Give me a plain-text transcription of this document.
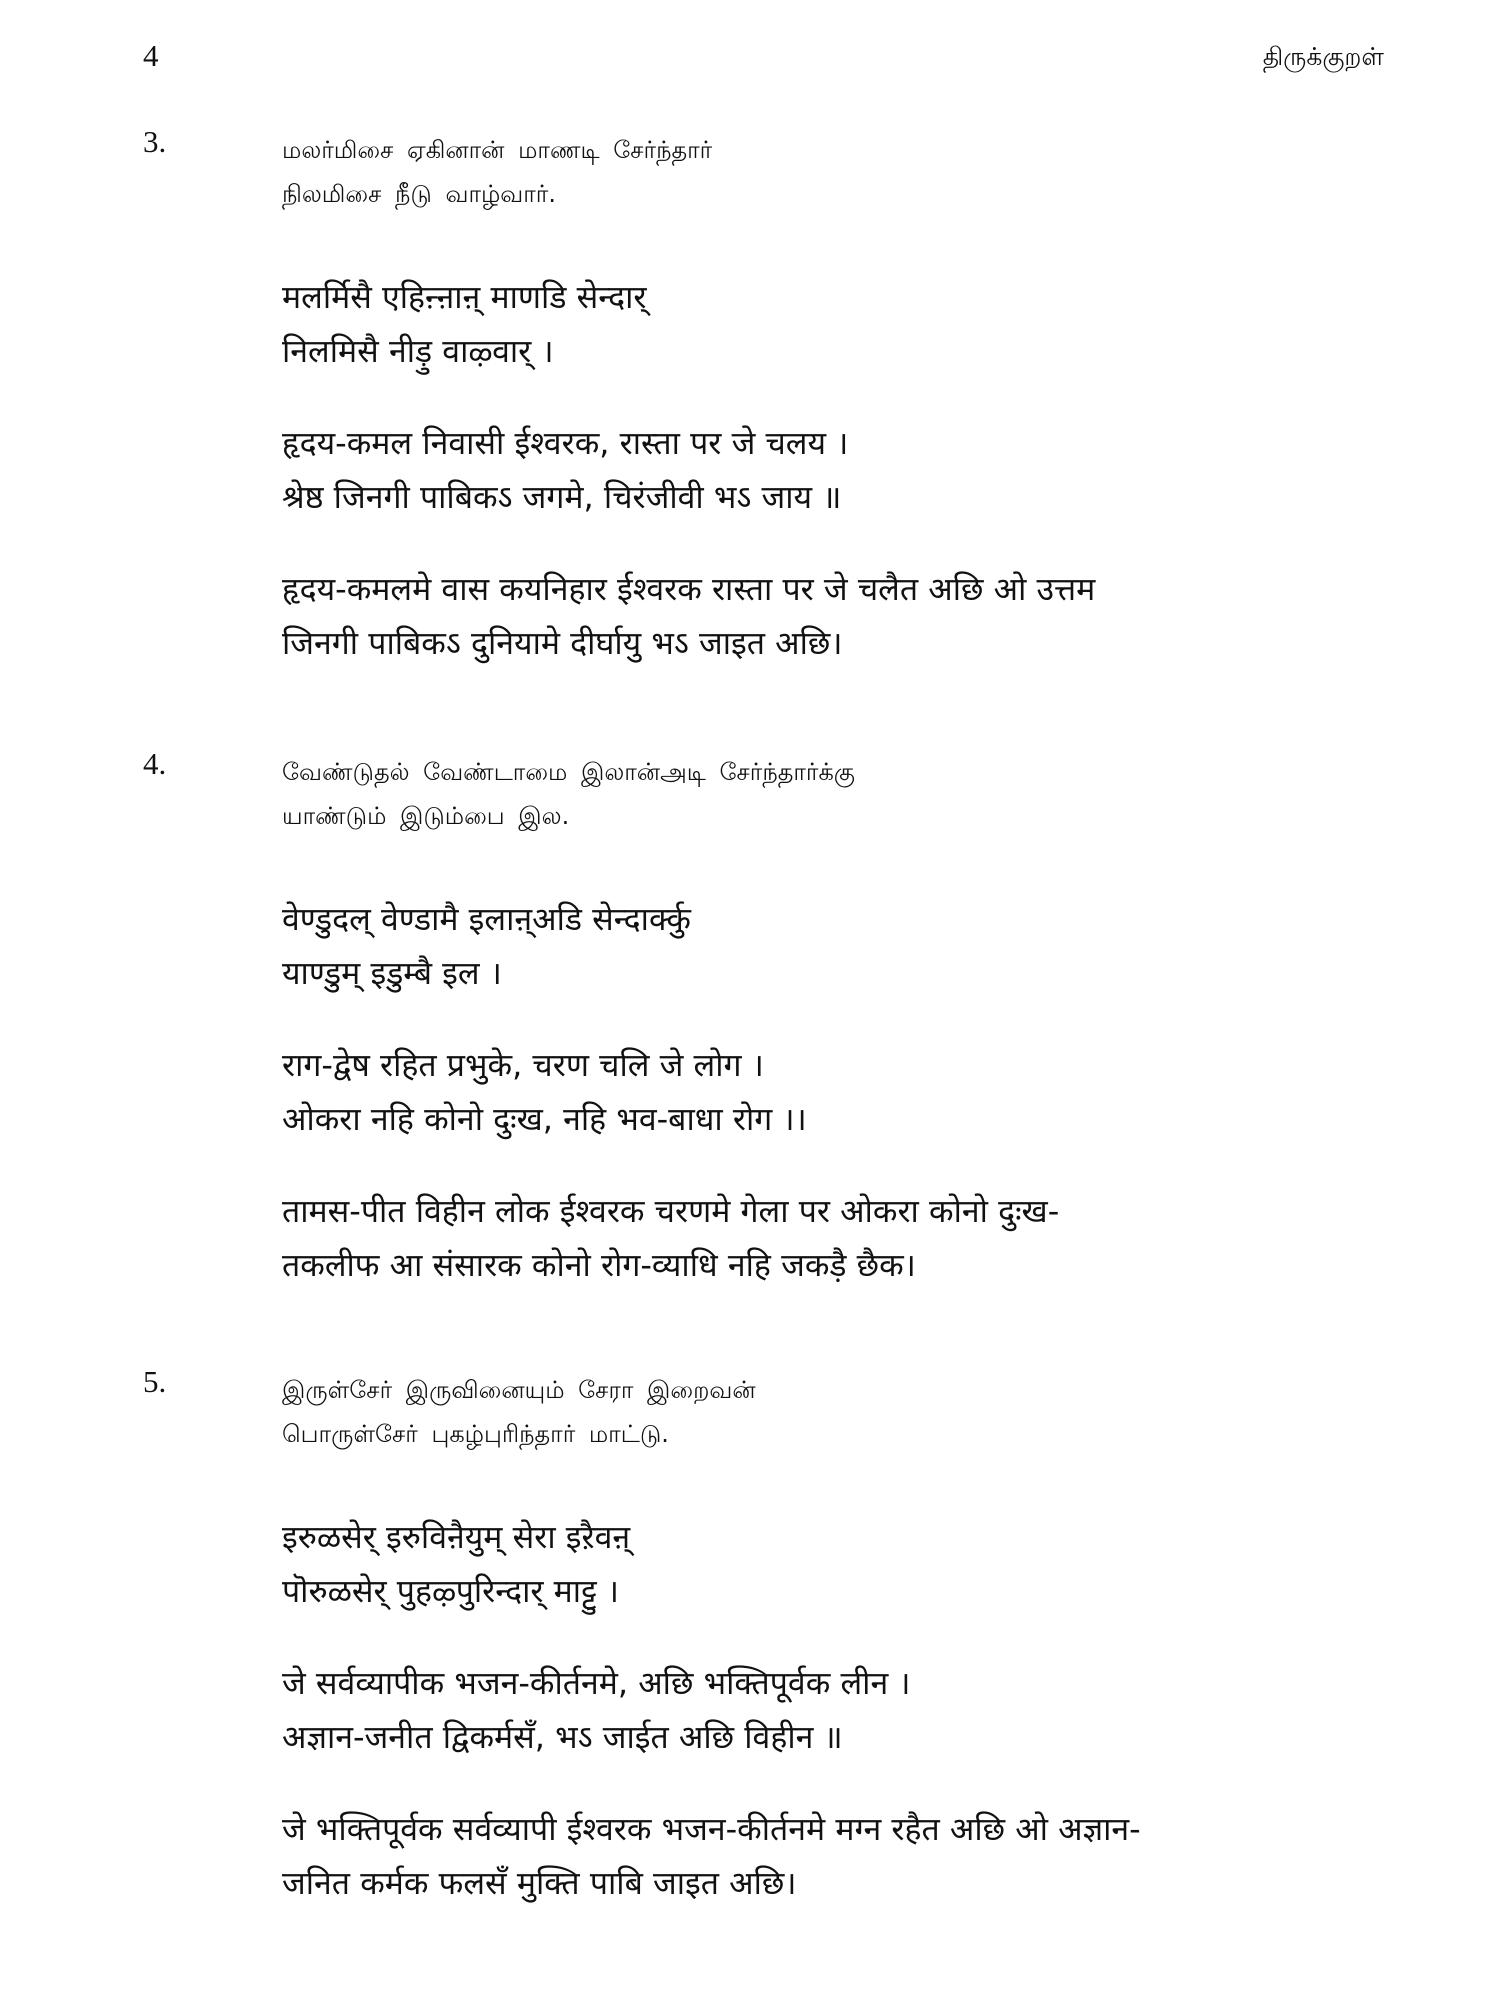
4	திருக்குறள்
3.	மலர்மிசை ஏகினான் மாணடி சேர்ந்தார்
நிலமிசை நீடு வாழ்வார்.
मलर्मिसै एहिऩ्ऩाऩ् माणडि सेन्दार्
निलमिसै नीड़ु वाऴ्वार् ।
हृदय-कमल निवासी ईश्वरक, रास्ता पर जे चलय ।
श्रेष्ठ जिनगी पाबिकऽ जगमे, चिरंजीवी भऽ जाय ॥
हृदय-कमलमे वास कयनिहार ईश्वरक रास्ता पर जे चलैत अछि ओ उत्तम
जिनगी पाबिकऽ दुनियामे दीर्घायु भऽ जाइत अछि।
4.	வேண்டுதல் வேண்டாமை இலான்அடி சேர்ந்தார்க்கு
யாண்டும் இடும்பை இல.
वेण्डुदल् वेण्डामै इलाऩ्अडि सेन्दार्क्कु
याण्डुम् इडुम्बै इल ।
राग-द्वेष रहित प्रभुके, चरण चलि जे लोग ।
ओकरा नहि कोनो दुःख, नहि भव-बाधा रोग ।।
तामस-पीत विहीन लोक ईश्वरक चरणमे गेला पर ओकरा कोनो दुःख-
तकलीफ आ संसारक कोनो रोग-व्याधि नहि जकड़ै छैक।
5.	இருள்சேர் இருவினையும் சேரா இறைவன்
பொருள்சேர் புகழ்புரிந்தார் மாட்டு.
इरुळसेर् इरुविऩैयुम् सेरा इऱैवऩ्
पॊरुळसेर् पुहऴ्पुरिन्दार् माट्टु ।
जे सर्वव्यापीक भजन-कीर्तनमे, अछि भक्तिपूर्वक लीन ।
अज्ञान-जनीत द्विकर्मसँ, भऽ जाईत अछि विहीन ॥
जे भक्तिपूर्वक सर्वव्यापी ईश्वरक भजन-कीर्तनमे मग्न रहैत अछि ओ अज्ञान-
जनित कर्मक फलसँ मुक्ति पाबि जाइत अछि।
